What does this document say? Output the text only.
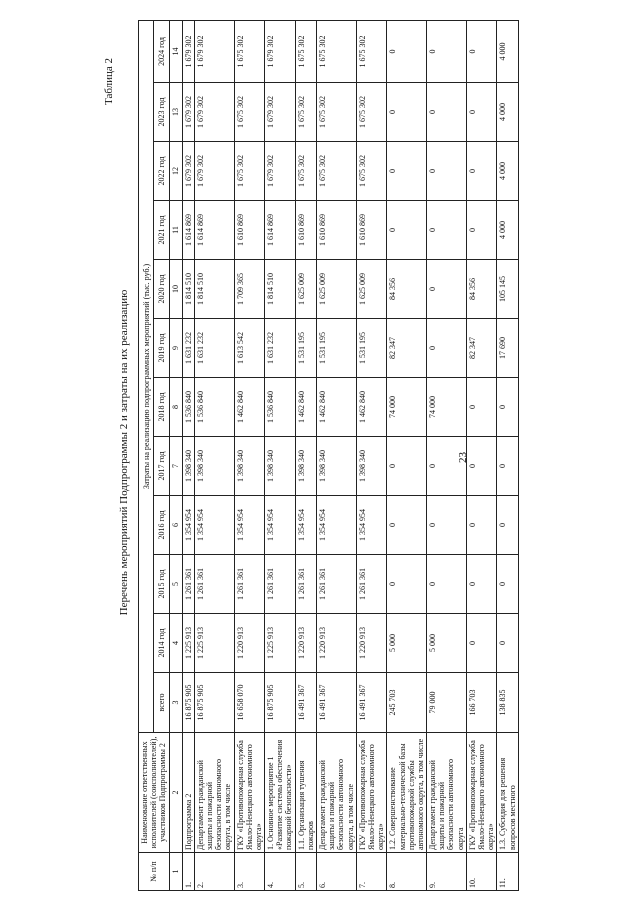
23
Таблица 2
Перечень мероприятий Подпрограммы 2 и затраты на их реализацию
№ п/п	Наименование ответственных исполнителей (соисполнителей), участников Подпрограммы 2	Затраты на реализацию подпрограммных мероприятий (тыс. руб.)											
		всего	2014 год	2015 год	2016 год	2017 год	2018 год	2019 год	2020 год	2021 год	2022 год	2023 год	2024 год
1	2	3	4	5	6	7	8	9	10	11	12	13	14
1.	Подпрограмма 2	16 875 905	1 225 913	1 261 361	1 354 954	1 398 340	1 536 840	1 631 232	1 814 510	1 614 869	1 679 302	1 679 302	1 679 302
2.	Департамент гражданской защиты и пожарной безопасности автономного округа, в том числе	16 875 905	1 225 913	1 261 361	1 354 954	1 398 340	1 536 840	1 631 232	1 814 510	1 614 869	1 679 302	1 679 302	1 679 302
3.	ГКУ «Противопожарная служба Ямало-Ненецкого автономного округа»	16 658 070	1 220 913	1 261 361	1 354 954	1 398 340	1 462 840	1 613 542	1 709 365	1 610 869	1 675 302	1 675 302	1 675 302
4.	1. Основное мероприятие 1 «Развитие системы обеспечения пожарной безопасности»	16 875 905	1 225 913	1 261 361	1 354 954	1 398 340	1 536 840	1 631 232	1 814 510	1 614 869	1 679 302	1 679 302	1 679 302
5.	1.1. Организация тушения пожаров	16 491 367	1 220 913	1 261 361	1 354 954	1 398 340	1 462 840	1 531 195	1 625 009	1 610 869	1 675 302	1 675 302	1 675 302
6.	Департамент гражданской защиты и пожарной безопасности автономного округа, в том числе	16 491 367	1 220 913	1 261 361	1 354 954	1 398 340	1 462 840	1 531 195	1 625 009	1 610 869	1 675 302	1 675 302	1 675 302
7.	ГКУ «Противопожарная служба Ямало-Ненецкого автономного округа»	16 491 367	1 220 913	1 261 361	1 354 954	1 398 340	1 462 840	1 531 195	1 625 009	1 610 869	1 675 302	1 675 302	1 675 302
8.	1.2. Совершенствование материально-технической базы противопожарной службы автономного округа, в том числе	245 703	5 000	0	0	0	74 000	82 347	84 356	0	0	0	0
9.	Департамент гражданской защиты и пожарной безопасности автономного округа	79 000	5 000	0	0	0	74 000	0	0	0	0	0	0
10.	ГКУ «Противопожарная служба Ямало-Ненецкого автономного округа»	166 703	0	0	0	0	0	82 347	84 356	0	0	0	0
11.	1.3. Субсидия для решения вопросов местного	138 835	0	0	0	0	0	17 690	105 145	4 000	4 000	4 000	4 000
